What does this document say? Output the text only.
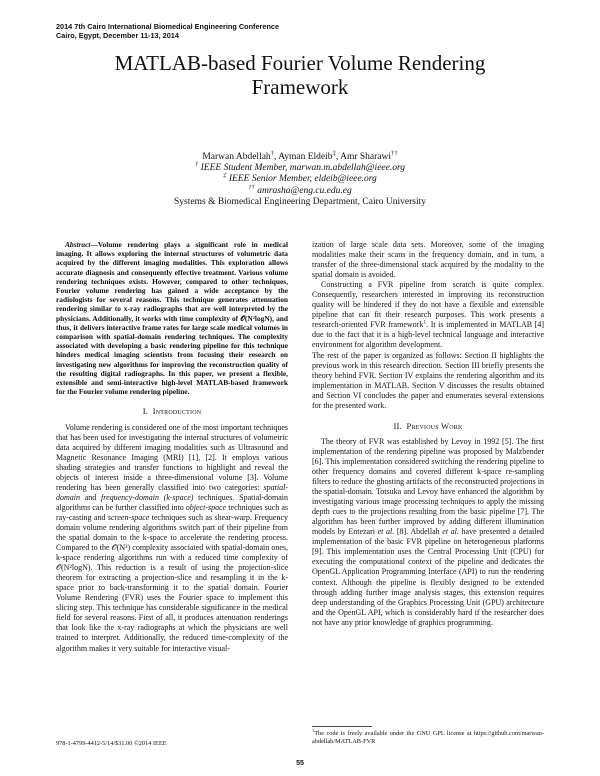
2014 7th Cairo International Biomedical Engineering Conference
Cairo, Egypt, December 11-13, 2014
MATLAB-based Fourier Volume Rendering
Framework
Marwan Abdellah†, Ayman Eldeib‡, Amr Sharawi††
† IEEE Student Member, marwan.m.abdellah@ieee.org
‡ IEEE Senior Member, eldeib@ieee.org
†† amrasha@eng.cu.edu.eg
Systems & Biomedical Engineering Department, Cairo University

Abstract—Volume rendering plays a significant role in medical imaging. It allows exploring the internal structures of volumetric data acquired by the different imaging modalities. This exploration allows accurate diagnosis and consequently effective treatment. Various volume rendering techniques exists. However, compared to other techniques, Fourier volume rendering has gained a wide acceptance by the radiologists for several reasons. This technique generates attenuation rendering similar to x-ray radiographs that are well interpreted by the physicians. Additionally, it works with time complexity of 𝒪(N²logN), and thus, it delivers interactive frame rates for large scale medical volumes in comparison with spatial-domain rendering techniques. The complexity associated with developing a basic rendering pipeline for this technique hinders medical imaging scientists from focusing their research on investigating new algorithms for improving the reconstruction quality of the resulting digital radiographs. In this paper, we present a flexible, extensible and semi-interactive high-level MATLAB-based framework for the Fourier volume rendering pipeline.

I. Introduction

Volume rendering is considered one of the most important techniques that has been used for investigating the internal structures of volumetric data acquired by different imaging modalities such as Ultrasound and Magnetic Resonance Imaging (MRI) [1], [2]. It employs various shading strategies and transfer functions to highlight and reveal the objects of interest inside a three-dimensional volume [3]. Volume rendering has been generally classified into two categories: spatial-domain and frequency-domain (k-space) techniques. Spatial-domain algorithms can be further classified into object-space techniques such as ray-casting and screen-space techniques such as shear-warp. Frequency domain volume rendering algorithms switch part of their pipeline from the spatial domain to the k-space to accelerate the rendering process. Compared to the 𝒪(N³) complexity associated with spatial-domain ones, k-space rendering algorithms run with a reduced time complexity of 𝒪(N²logN). This reduction is a result of using the projection-slice theorem for extracting a projection-slice and resampling it in the k-space prior to back-transforming it to the spatial domain. Fourier Volume Rendering (FVR) uses the Fourier space to implement this slicing step. This technique has considerable significance in the medical field for several reasons. First of all, it produces attenuation renderings that look like the x-ray radiographs at which the physicians are well trained to interpret. Additionally, the reduced time-complexity of the algorithm makes it very suitable for interactive visual-

ization of large scale data sets. Moreover, some of the imaging modalities make their scans in the frequency domain, and in turn, a transfer of the three-dimensional stack acquired by the modality to the spatial domain is avoided.

Constructing a FVR pipeline from scratch is quite complex. Consequently, researchers interested in improving its reconstruction quality will be hindered if they do not have a flexible and extensible pipeline that can fit their research purposes. This work presents a research-oriented FVR framework$^1$. It is implemented in MATLAB [4] due to the fact that it is a high-level technical language and interactive environment for algorithm development.

The rest of the paper is organized as follows: Section II highlights the previous work in this research direction. Section III briefly presents the theory behind FVR. Section IV explains the rendering algorithm and its implementation in MATLAB. Section V discusses the results obtained and Section VI concludes the paper and enumerates several extensions for the presented work.

II. Previous Work

The theory of FVR was established by Levoy in 1992 [5]. The first implementation of the rendering pipeline was proposed by Malzbender [6]. This implementation considered switching the rendering pipeline to other frequency domains and covered different k-space re-sampling filters to reduce the ghosting artifacts of the reconstructed projections in the spatial-domain. Totsuka and Levoy have enhanced the algorithm by investigating various image processing techniques to apply the missing depth cues to the projections resulting from the basic pipeline [7]. The algorithm has been further improved by adding different illumination models by Entezari et al. [8]. Abdellah et al. have presented a detailed implementation of the basic FVR pipeline on heterogeneous platforms [9]. This implementation uses the Central Processing Unit (CPU) for executing the computational context of the pipeline and dedicates the OpenGL Application Programming Interface (API) to run the rendering context. Although the pipeline is flexibly designed to be extended through adding further image analysis stages, this extension requires deep understanding of the Graphics Processing Unit (GPU) architecture and the OpenGL API, which is considerably hard if the researcher does not have any prior knowledge of graphics programming.

$^1$The code is freely available under the GNU GPL license at https://github.com/marwan-abdellah/MATLAB-FVR
978-1-4799-4412-5/14/$31.00 ©2014 IEEE
55
